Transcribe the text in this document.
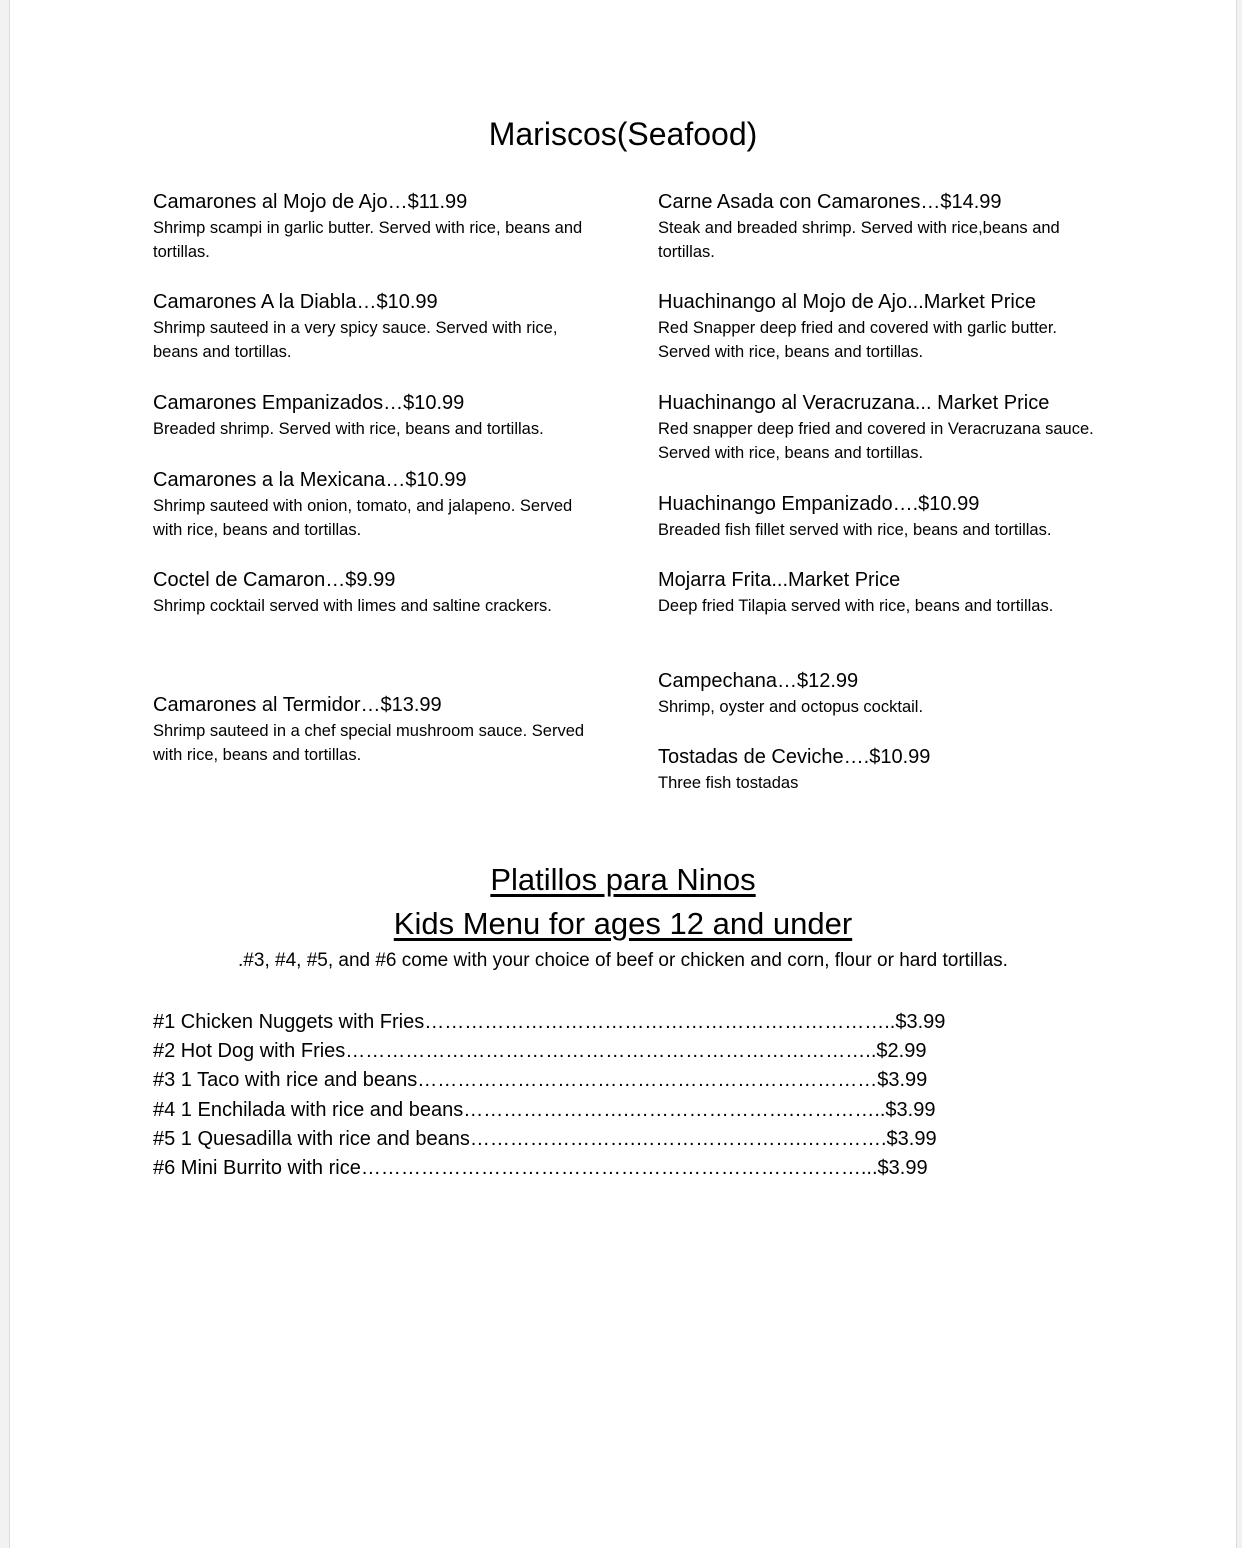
Mariscos(Seafood)
Camarones al Mojo de Ajo…$11.99
Shrimp scampi in garlic butter. Served with rice, beans and tortillas.
Camarones A la Diabla…$10.99
Shrimp sauteed in a very spicy sauce. Served with rice, beans and tortillas.
Camarones Empanizados…$10.99
Breaded shrimp. Served with rice, beans and tortillas.
Camarones a la Mexicana…$10.99
Shrimp sauteed with onion, tomato, and jalapeno. Served with rice, beans and tortillas.
Coctel de Camaron…$9.99
Shrimp cocktail served with limes and saltine crackers.
Camarones al Termidor…$13.99
Shrimp sauteed in a chef special mushroom sauce. Served with rice, beans and tortillas.
Carne Asada con Camarones…$14.99
Steak and breaded shrimp. Served with rice,beans and tortillas.
Huachinango al Mojo de Ajo...Market Price
Red Snapper deep fried and covered with garlic butter. Served with rice, beans and tortillas.
Huachinango al Veracruzana... Market Price
Red snapper deep fried and covered in Veracruzana sauce. Served with rice, beans and tortillas.
Huachinango Empanizado….$10.99
Breaded fish fillet served with rice, beans and tortillas.
Mojarra Frita...Market Price
Deep fried Tilapia served with rice, beans and tortillas.
Campechana…$12.99
Shrimp, oyster and octopus cocktail.
Tostadas de Ceviche….$10.99
Three fish tostadas
Platillos para Ninos
Kids Menu for ages 12 and under
.#3, #4, #5, and #6 come with your choice of beef or chicken and corn, flour or hard tortillas.
#1 Chicken Nuggets with Fries……………………………………………………………..$3.99
#2 Hot Dog with Fries……………………………………………………………………..$2.99
#3 1 Taco with rice and beans……………………………………………………………$3.99
#4 1 Enchilada with rice and beans…………………….…………………….…………..$3.99
#5 1 Quesadilla with rice and beans…………………….…………………….………….$3.99
#6 Mini Burrito with rice…………………………………………………………………...$3.99
